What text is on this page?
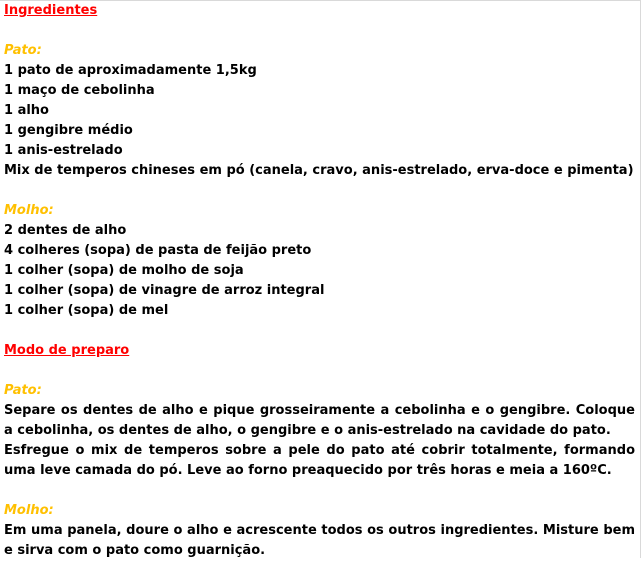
Ingredientes
Pato:
1 pato de aproximadamente 1,5kg
1 maço de cebolinha
1 alho
1 gengibre médio
1 anis-estrelado
Mix de temperos chineses em pó (canela, cravo, anis-estrelado, erva-doce e pimenta)
Molho:
2 dentes de alho
4 colheres (sopa) de pasta de feijão preto
1 colher (sopa) de molho de soja
1 colher (sopa) de vinagre de arroz integral
1 colher (sopa) de mel
Modo de preparo
Pato:
Separe os dentes de alho e pique grosseiramente a cebolinha e o gengibre. Coloque a cebolinha, os dentes de alho, o gengibre e o anis-estrelado na cavidade do pato.
Esfregue o mix de temperos sobre a pele do pato até cobrir totalmente, formando uma leve camada do pó. Leve ao forno preaquecido por três horas e meia a 160ºC.
Molho:
Em uma panela, doure o alho e acrescente todos os outros ingredientes. Misture bem e sirva com o pato como guarnição.
